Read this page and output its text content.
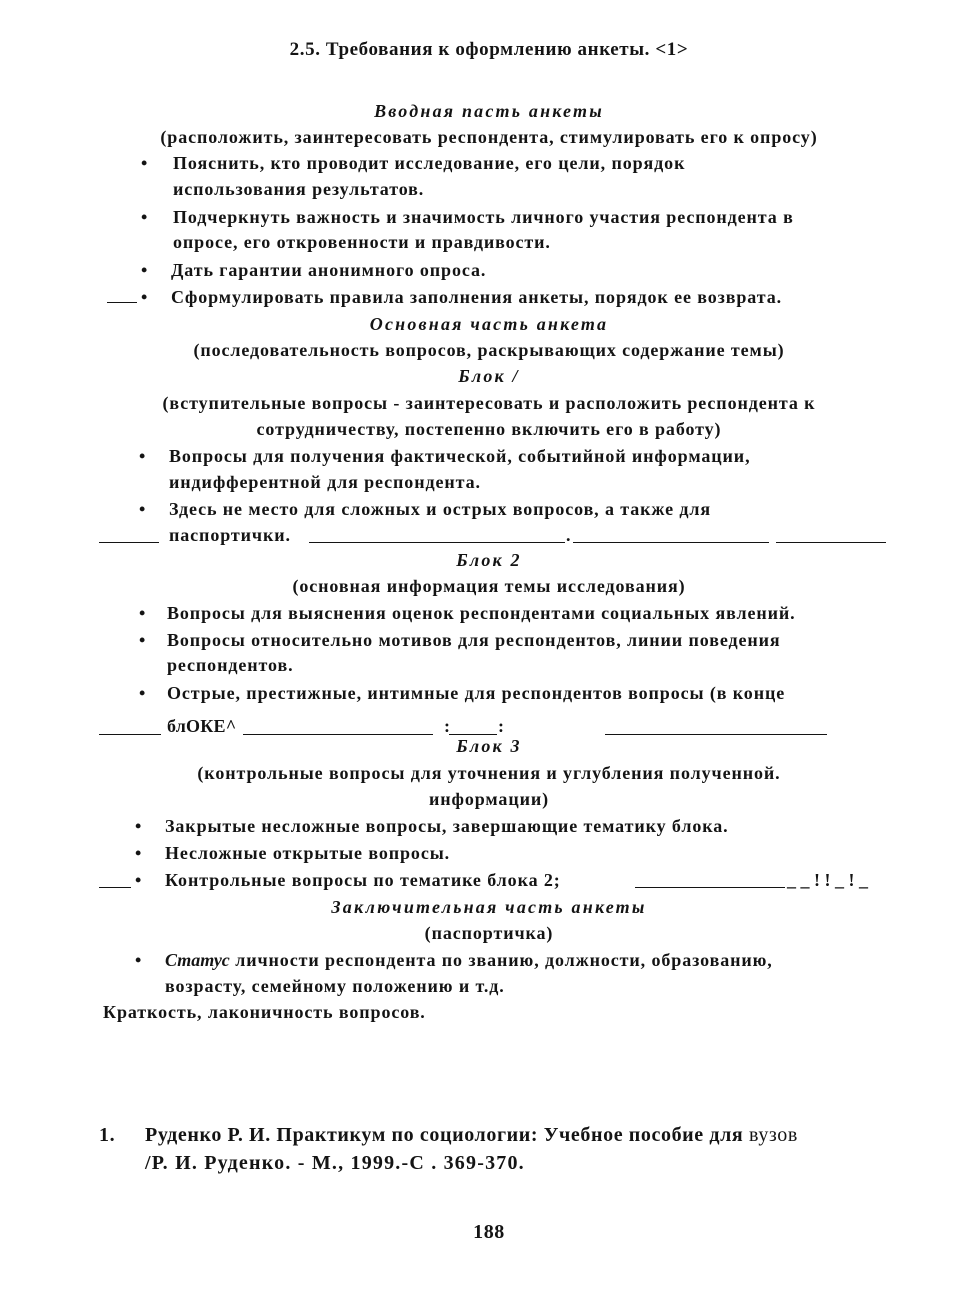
2.5. Требования к оформлению анкеты. <1>
Вводная пасть анкеты
(расположить, заинтересовать респондента, стимулировать его к опросу)
• Пояснить, кто проводит исследование, его цели, порядок
использования результатов.
• Подчеркнуть важность и значимость личного участия респондента в
опросе, его откровенности и правдивости.
• Дать гарантии анонимного опроса.
• Сформулировать правила заполнения анкеты, порядок ее возврата.
Основная часть анкета
(последовательность вопросов, раскрывающих содержание темы)
Блок /
(вступительные вопросы - заинтересовать и расположить респондента к
сотрудничеству, постепенно включить его в работу)
• Вопросы для получения фактической, событийной информации,
индифферентной для респондента.
• Здесь не место для сложных и острых вопросов, а также для
паспортички.	.
Блок 2
(основная информация темы исследования)
• Вопросы для выяснения оценок респондентами социальных явлений.
• Вопросы относительно мотивов для респондентов, линии поведения
респондентов.
• Острые, престижные, интимные для респондентов вопросы (в конце
блОКЕ^	:	:
Блок 3
(контрольные вопросы для уточнения и углубления полученной.
информации)
• Закрытые несложные вопросы, завершающие тематику блока.
• Несложные открытые вопросы.
• Контрольные вопросы по тематике блока 2;	_ _ ! ! _ ! _
Заключительная часть анкеты
(паспортичка)
• Статус личности респондента по званию, должности, образованию,
возрасту, семейному положению и т.д.
Краткость, лаконичность вопросов.
1. Руденко Р. И. Практикум по социологии: Учебное пособие для вузов
/Р. И. Руденко. - М., 1999.-С . 369-370.
188
